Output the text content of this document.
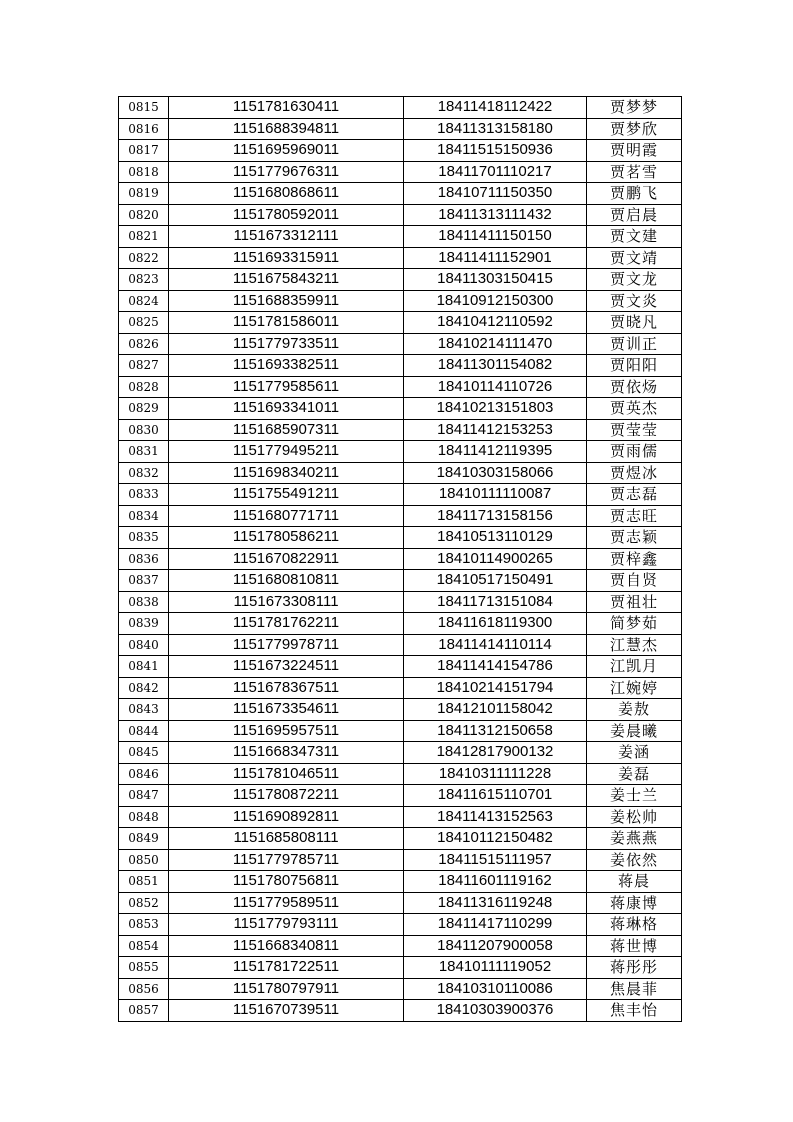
0815	1151781630411	18411418112422	贾梦梦
0816	1151688394811	18411313158180	贾梦欣
0817	1151695969011	18411515150936	贾明霞
0818	1151779676311	18411701110217	贾茗雪
0819	1151680868611	18410711150350	贾鹏飞
0820	1151780592011	18411313111432	贾启晨
0821	1151673312111	18411411150150	贾文建
0822	1151693315911	18411411152901	贾文靖
0823	1151675843211	18411303150415	贾文龙
0824	1151688359911	18410912150300	贾文炎
0825	1151781586011	18410412110592	贾晓凡
0826	1151779733511	18410214111470	贾训正
0827	1151693382511	18411301154082	贾阳阳
0828	1151779585611	18410114110726	贾依炀
0829	1151693341011	18410213151803	贾英杰
0830	1151685907311	18411412153253	贾莹莹
0831	1151779495211	18411412119395	贾雨儒
0832	1151698340211	18410303158066	贾煜冰
0833	1151755491211	18410111110087	贾志磊
0834	1151680771711	18411713158156	贾志旺
0835	1151780586211	18410513110129	贾志颖
0836	1151670822911	18410114900265	贾梓鑫
0837	1151680810811	18410517150491	贾自贤
0838	1151673308111	18411713151084	贾祖壮
0839	1151781762211	18411618119300	简梦茹
0840	1151779978711	18411414110114	江慧杰
0841	1151673224511	18411414154786	江凯月
0842	1151678367511	18410214151794	江婉婷
0843	1151673354611	18412101158042	姜敖
0844	1151695957511	18411312150658	姜晨曦
0845	1151668347311	18412817900132	姜涵
0846	1151781046511	18410311111228	姜磊
0847	1151780872211	18411615110701	姜士兰
0848	1151690892811	18411413152563	姜松帅
0849	1151685808111	18410112150482	姜燕燕
0850	1151779785711	18411515111957	姜依然
0851	1151780756811	18411601119162	蒋晨
0852	1151779589511	18411316119248	蒋康博
0853	1151779793111	18411417110299	蒋琳格
0854	1151668340811	18411207900058	蒋世博
0855	1151781722511	18410111119052	蒋彤彤
0856	1151780797911	18410310110086	焦晨菲
0857	1151670739511	18410303900376	焦丰怡
